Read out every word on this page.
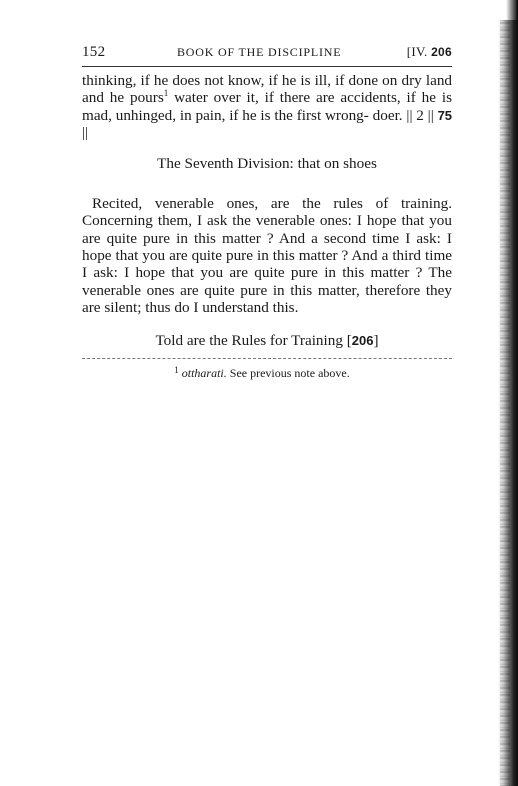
152	BOOK OF THE DISCIPLINE	[IV. 206

thinking, if he does not know, if he is ill, if done on dry land and he pours$^1$ water over it, if there are accidents, if he is mad, unhinged, in pain, if he is the first wrong- doer. || 2 || 75 ||

The Seventh Division: that on shoes

Recited, venerable ones, are the rules of training. Concerning them, I ask the venerable ones: I hope that you are quite pure in this matter ? And a second time I ask: I hope that you are quite pure in this matter ? And a third time I ask: I hope that you are quite pure in this matter ? The venerable ones are quite pure in this matter, therefore they are silent; thus do I understand this.

Told are the Rules for Training [206]
$^1$ ottharati. See previous note above.
